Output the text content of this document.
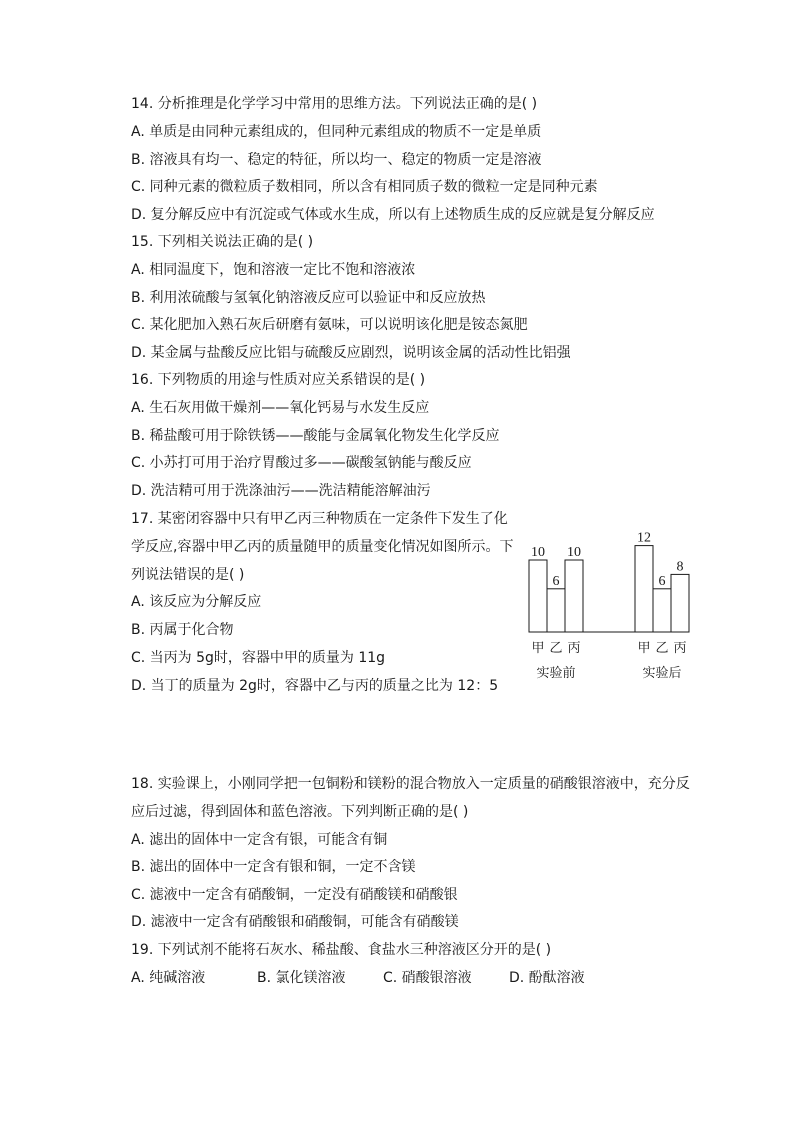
14. 分析推理是化学学习中常用的思维方法。下列说法正确的是( )
A. 单质是由同种元素组成的，但同种元素组成的物质不一定是单质
B. 溶液具有均一、稳定的特征，所以均一、稳定的物质一定是溶液
C. 同种元素的微粒质子数相同，所以含有相同质子数的微粒一定是同种元素
D. 复分解反应中有沉淀或气体或水生成，所以有上述物质生成的反应就是复分解反应
15. 下列相关说法正确的是( )
A. 相同温度下，饱和溶液一定比不饱和溶液浓
B. 利用浓硫酸与氢氧化钠溶液反应可以验证中和反应放热
C. 某化肥加入熟石灰后研磨有氨味，可以说明该化肥是铵态氮肥
D. 某金属与盐酸反应比铝与硫酸反应剧烈，说明该金属的活动性比铝强
16. 下列物质的用途与性质对应关系错误的是( )
A. 生石灰用做干燥剂——氧化钙易与水发生反应
B. 稀盐酸可用于除铁锈——酸能与金属氧化物发生化学反应
C. 小苏打可用于治疗胃酸过多——碳酸氢钠能与酸反应
D. 洗洁精可用于洗涤油污——洗洁精能溶解油污
17. 某密闭容器中只有甲乙丙三种物质在一定条件下发生了化
学反应,容器中甲乙丙的质量随甲的质量变化情况如图所示。下
列说法错误的是( )
A. 该反应为分解反应
B. 丙属于化合物
C. 当丙为 5g时，容器中甲的质量为 11g
D. 当丁的质量为 2g时，容器中乙与丙的质量之比为 12：5
10
甲
6
乙
10
丙
实验前
12
甲
6
乙
8
丙
实验后
18. 实验课上，小刚同学把一包铜粉和镁粉的混合物放入一定质量的硝酸银溶液中，充分反
应后过滤，得到固体和蓝色溶液。下列判断正确的是( )
A. 滤出的固体中一定含有银，可能含有铜
B. 滤出的固体中一定含有银和铜，一定不含镁
C. 滤液中一定含有硝酸铜，一定没有硝酸镁和硝酸银
D. 滤液中一定含有硝酸银和硝酸铜，可能含有硝酸镁
19. 下列试剂不能将石灰水、稀盐酸、食盐水三种溶液区分开的是( )
A. 纯碱溶液	B. 氯化镁溶液	C. 硝酸银溶液	D. 酚酞溶液
